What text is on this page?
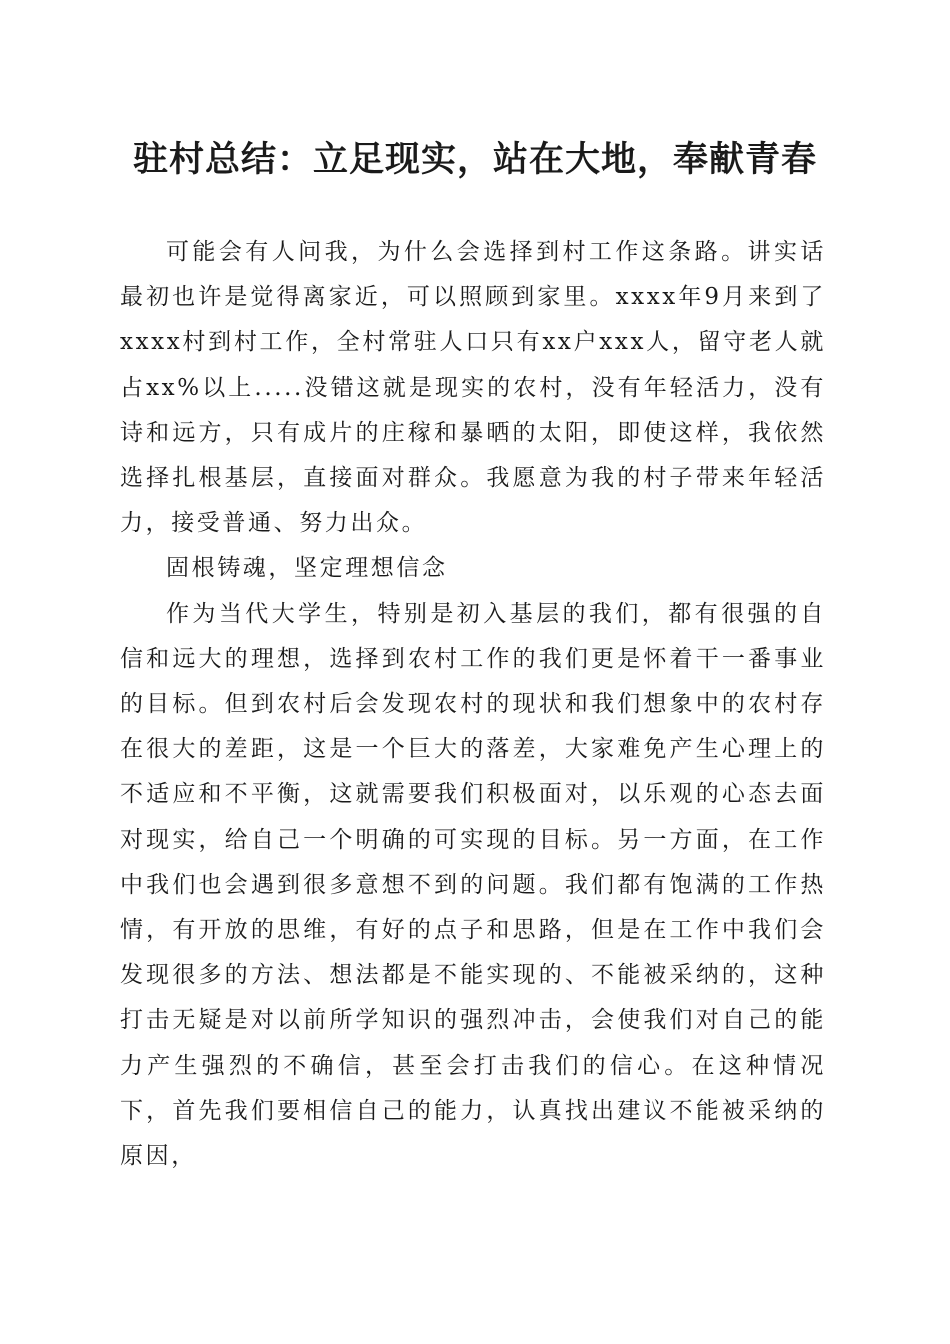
驻村总结：立足现实，站在大地，奉献青春

可能会有人问我，为什么会选择到村工作这条路。讲实话最初也许是觉得离家近，可以照顾到家里。xxxx年9月来到了xxxx村到村工作，全村常驻人口只有xx户xxx人，留守老人就占xx%以上.....没错这就是现实的农村，没有年轻活力，没有诗和远方，只有成片的庄稼和暴晒的太阳，即使这样，我依然选择扎根基层，直接面对群众。我愿意为我的村子带来年轻活力，接受普通、努力出众。

固根铸魂，坚定理想信念

作为当代大学生，特别是初入基层的我们，都有很强的自信和远大的理想，选择到农村工作的我们更是怀着干一番事业的目标。但到农村后会发现农村的现状和我们想象中的农村存在很大的差距，这是一个巨大的落差，大家难免产生心理上的不适应和不平衡，这就需要我们积极面对，以乐观的心态去面对现实，给自己一个明确的可实现的目标。另一方面，在工作中我们也会遇到很多意想不到的问题。我们都有饱满的工作热情，有开放的思维，有好的点子和思路，但是在工作中我们会发现很多的方法、想法都是不能实现的、不能被采纳的，这种打击无疑是对以前所学知识的强烈冲击，会使我们对自己的能力产生强烈的不确信，甚至会打击我们的信心。在这种情况下，首先我们要相信自己的能力，认真找出建议不能被采纳的原因，
